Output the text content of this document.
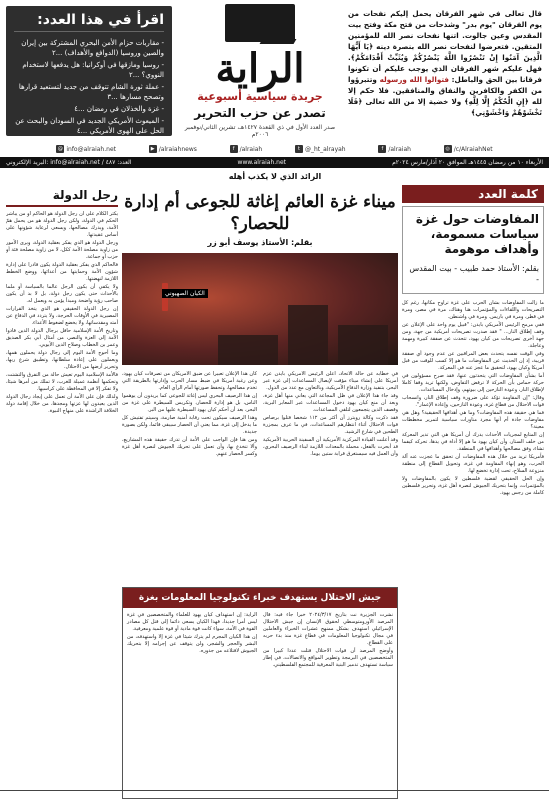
اقرأ في هذا العدد:
- مقاربات حزام الأمن البحري المشتركة بين إيران والصين وروسيا (الدوافع والأهداف) ...٢
- روسيا ومازقها في أوكرانيا: هل يدفعها لاستخدام النووي؟ ...٢
- عملة ثورة الشام تتوقف من جديد لتستعيد قرارها وتصحح مسارها ...٣
- غزة والخذلان في رمضان ...٤
- الميعوث الأمريكي الجديد في السودان والبحث عن الحل على الهوى الأمريكي ...٤
الراية
جريدة سياسية أسبوعية
تصدر عن حزب التحرير
صدر العدد الأول في ذي القعدة ١٤٢٧هـ، تشرين الثاني/نوفمبر ٢٠٠٦م
قال تعالى في شهر الفرقان يحمل إليكم نفحات من يوم الفرقان "يوم بدر" وشذحات من فتح مكة وفتح بيت المقدس وعين جالوت. اتنها نفحات نصر الله للمؤمنين المتقين. فتعرضوا لنفحات نصر الله بنصرة دينه ﴿يَا أَيُّهَا الَّذِينَ آمَنُوا إِنْ تَنْصُرُوا اللَّهَ يَنْصُرْكُمْ وَيُثَبِّتْ أَقْدَامَكُمْ﴾. فهل عليكم شهر الفرقان الذي يوجب عليكم أن تكونوا فرقانا بين الحق والباطل: فتوالوا الله ورسوله وتتبرؤوا من الكفر والكافرين والنفاق والمنافقين. فلا حكم إلا لله ﴿إِنِ الْحُكْمُ إِلَّا لِلَّهِ﴾ ولا خضية إلا من الله تعالى ﴿فَلَا تَخْشَوْهُمْ وَاخْشَوْنِي﴾
@ info@alraiah.net	▶ /alraiahnews	f /alraiah	t @_ht_alrayah	f /alraiah	◎ /c/AlraiahNet
الأربعاء ١٠ من رمضان ١٤٤٥هـ الموافق ٢٠ آذار/مارس ٢٠٢٤م
www.alraiah.net
العدد: ٤٨٧ / info@alraiah.net :البريد الإلكتروني
الرائد الذي لا يكذب أهله
كلمة العدد
المفاوضات حول غزة سياسات مسمومة، وأهداف موهومة
بقلم: الأستاذ حمد طبيب - بيت المقدس -

ما زالت المفاوضات بشأن الحرب على غزة تراوح مكانها، رغم كل التصريحات واللقاءات والمؤتمرات هنا وهناك، مرة في مصر، ومرة في قطر، ومرة في باريس. ومرة في واشنطن.

ففي مرمح الرئيس الأمريكي بايدن: "قبيل يوم واحد على الإعلان عن وقف إطلاق النار... " فقد صدرت تصريحات أمريكية من جهة، ومن جهة أخرى تصريحات من كيان يهود، تتحدث عن صفقة كبيرة ومهمة وعاجلة.

وفي الوقت نفسه يتحدث بعض المراقبين عن عدم وجود أي صفقة قريبة، إذ إن الحديث عن المفاوضات ما هو إلا كسب للوقت من قبل أمريكا وكيان يهود، لتحقيق ما عجز عنه في المعركة.

أما بشأن المفاوضات التي يتحدثون عنها، فقد صرح مسؤولون في حركة حماس بأن الحركة لا ترفض التفاوض، ولكنها تريد وقفا كاملا لإطلاق النار، وعودة النازحين إلى بيوتهم، وإدخال المساعدات.

وقال: "إن المقاومة تؤكد على ضرورة وقف إطلاق النار، وانسحاب قوات الاحتلال من قطاع غزة، وعودة النازحين، وإعادة الإعمار".

فما هي حقيقة هذه المفاوضات؟ وما هي أهدافها الحقيقية؟ وهل هي مفاوضات جادة أم أنها مجرد مناورات سياسية لتمرير مخططات معينة؟

إن المتابع لمجريات الأحداث يدرك أن أمريكا هي التي تدير المعركة من خلف الستار، وأن كيان يهود ما هو إلا أداة في يدها، تحركه كيفما تشاء، وفق مصالحها وأهدافها في المنطقة.

فأمريكا تريد من خلال هذه المفاوضات أن تحقق ما عجزت عنه آلة الحرب، وهو إنهاء المقاومة في غزة، وتحويل القطاع إلى منطقة منزوعة السلاح، تحت إدارة تخضع لها.

وإن الحل الحقيقي لقضية فلسطين لا يكون بالمفاوضات ولا بالمؤتمرات، وإنما بتحريك الجيوش لنصرة أهل غزة، وتحرير فلسطين كاملة من رجس يهود.

ميناء غزة العائم إغاثة للجوعى أم إدارة للحصار؟
بقلم: الأستاذ يوسف أبو زر
الكيان الصهيوني

في خطابه عن حالة الاتحاد، أعلن الرئيس الأمريكي بايدن عزم أمريكا على إنشاء ميناء مؤقت لإيصال المساعدات إلى غزة عبر البحر، بتنفيذ وزارة الدفاع الأمريكية، وبالتعاون مع عدد من الدول.

وقد جاء هذا الإعلان في ظل المجاعة التي يعاني منها أهل غزة، وبعد أن منع كيان يهود دخول المساعدات عبر المعابر البرية، وقصف الذين يتجمعون لتلقي المساعدات.

فقد ذكرت وكالة رويترز أن أكثر من ١١٢ شخصا قتلوا برصاص قوات الاحتلال أثناء انتظارهم المساعدات، في ما عرف بمجزرة الطحين في شارع الرشيد.

وقد أعلنت القيادة المركزية الأمريكية أن السفينة الحربية الأمريكية قد أبحرت بالفعل، محملة بالمعدات اللازمة لبناء الرصيف البحري، وأن العمل فيه سيستغرق قرابة ستين يوما.

كان هذا الإعلان تعبيرا عن ضيق الأمريكان من تصرفات كيان يهود، وعن رغبة أمريكا في ضبط مسار الحرب وإدارتها بالطريقة التي تخدم مصالحها، وتحفظ صورتها أمام الرأي العام.

إن هذا الرصيف البحري ليس إغاثة للجوعى كما يريدون أن يوهموا الناس، بل هو إدارة للحصار، وتكريس للسيطرة على غزة من البحر، بعد أن أحكم كيان يهود السيطرة عليها من البر.

وهذا الرصيف سيكون تحت رقابة أمنية صارمة، وسيتم تفتيش كل ما يدخل إلى غزة، مما يعني أن الحصار سيبقى قائما، ولكن بصورة جديدة.

ومن هنا فإن الواجب على الأمة أن تدرك حقيقة هذه المشاريع، وألا تنخدع بها، وأن تعمل على تحريك الجيوش لنصرة أهل غزة وكسر الحصار عنهم.

جيش الاحتلال يستهدف خبراء تكنولوجيا المعلومات بغزة

نشرت الجزيرة نت بتاريخ ٢٠٢٤/٣/١٧ خبرا جاء فيه: قال المرصد الأورومتوسطي لحقوق الإنسان إن جيش الاحتلال الإسرائيلي استهدف بشكل ممنهج عشرات الخبراء والعاملين في مجال تكنولوجيا المعلومات في قطاع غزة منذ بدء حربه على القطاع.

وأوضح المرصد أن قوات الاحتلال قتلت عددا كبيرا من المتخصصين في البرمجة وتطوير المواقع والاتصالات، في إطار سياسة تستهدف تدمير البنية المعرفية للمجتمع الفلسطيني.

الراية: إن استهداف كيان يهود للعلماء والمتخصصين في غزة ليس أمرا جديدا، فهذا الكيان يسعى دائما إلى قتل كل مصادر القوة في الأمة، سواء كانت قوة مادية أو قوة علمية ومعرفية.

إن هذا الكيان المجرم لم يترك شيئا في غزة إلا واستهدفه، من البشر والحجر والشجر، ولن يتوقف عن إجرامه إلا بتحريك الجيوش لاقتلاعه من جذوره.

رجل الدولة

يكثر الكلام على أن رجل الدولة هو الحاكم أو من يباشر الحكم في الدولة، ولكن رجل الدولة هو من يحمل همّ الأمة، ويدرك مصالحها، ويسعى لرعاية شؤونها على أساس عقيدتها.

ورجل الدولة هو الذي يفكر بعقلية الدولة، ويرى الأمور من زاوية مصلحة الأمة ككل، لا من زاوية مصلحة فئة أو حزب أو جماعة.

فالحاكم الذي يفكر بعقلية الدولة يكون قادرا على إدارة شؤون الأمة وحمايتها من أعدائها، ووضع الخطط اللازمة لنهضتها.

ولا يكفي أن يكون الرجل عالما بالسياسة أو ملما بالأحداث حتى يكون رجل دولة، بل لا بد أن يكون صاحب رؤية واضحة ومبدأ يؤمن به ويعمل له.

إن رجل الدولة الحقيقي هو الذي يتخذ القرارات المصيرية في الأوقات الحرجة، ولا يتردد في الدفاع عن أمته ومقدساتها، ولا يخضع لضغوط الأعداء.

وتاريخ الأمة الإسلامية حافل برجال الدولة الذين قادوا الأمة إلى العزة والنصر، من أمثال أبي بكر الصديق وعمر بن الخطاب وصلاح الدين الأيوبي.

وما أحوج الأمة اليوم إلى رجال دولة يحملون همها، ويعملون على إعادة سلطانها، وتطبيق شرع ربها، وتحرير أرضها من الاحتلال.

فالأمة الإسلامية اليوم تعيش حالة من التفرق والتشتت، وتحكمها أنظمة عميلة للغرب، لا تملك من أمرها شيئا، ولا تفكر إلا في المحافظة على كراسيها.

ولذلك فإن على الأمة أن تعمل على إيجاد رجال الدولة الذين يعيدون لها عزتها ومجدها، من خلال إقامة دولة الخلافة الراشدة على منهاج النبوة.
